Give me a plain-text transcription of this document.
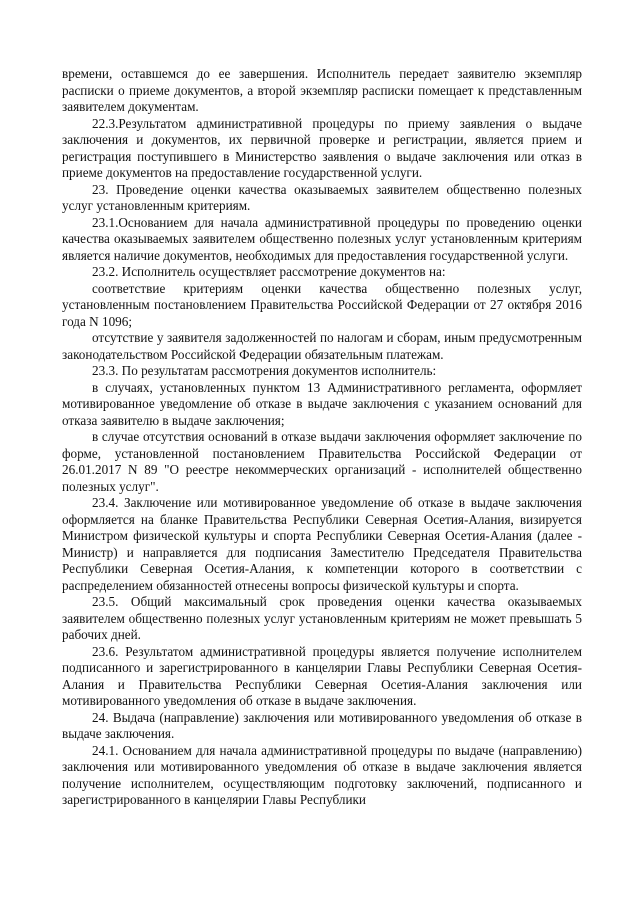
времени, оставшемся до ее завершения. Исполнитель передает заявителю экземпляр расписки о приеме документов, а второй экземпляр расписки помещает к представленным заявителем документам.

22.3.Результатом административной процедуры по приему заявления о выдаче заключения и документов, их первичной проверке и регистрации, является прием и регистрация поступившего в Министерство заявления о выдаче заключения или отказ в приеме документов на предоставление государственной услуги.

23. Проведение оценки качества оказываемых заявителем общественно полезных услуг установленным критериям.

23.1.Основанием для начала административной процедуры по проведению оценки качества оказываемых заявителем общественно полезных услуг установленным критериям является наличие документов, необходимых для предоставления государственной услуги.

23.2. Исполнитель осуществляет рассмотрение документов на:

соответствие критериям оценки качества общественно полезных услуг, установленным постановлением Правительства Российской Федерации от 27 октября 2016 года N 1096;

отсутствие у заявителя задолженностей по налогам и сборам, иным предусмотренным законодательством Российской Федерации обязательным платежам.

23.3. По результатам рассмотрения документов исполнитель:

в случаях, установленных пунктом 13 Административного регламента, оформляет мотивированное уведомление об отказе в выдаче заключения с указанием оснований для отказа заявителю в выдаче заключения;

в случае отсутствия оснований в отказе выдачи заключения оформляет заключение по форме, установленной постановлением Правительства Российской Федерации от 26.01.2017 N 89 "О реестре некоммерческих организаций - исполнителей общественно полезных услуг".

23.4. Заключение или мотивированное уведомление об отказе в выдаче заключения оформляется на бланке Правительства Республики Северная Осетия-Алания, визируется Министром физической культуры и спорта Республики Северная Осетия-Алания (далее - Министр) и направляется для подписания Заместителю Председателя Правительства Республики Северная Осетия-Алания, к компетенции которого в соответствии с распределением обязанностей отнесены вопросы физической культуры и спорта.

23.5. Общий максимальный срок проведения оценки качества оказываемых заявителем общественно полезных услуг установленным критериям не может превышать 5 рабочих дней.

23.6. Результатом административной процедуры является получение исполнителем подписанного и зарегистрированного в канцелярии Главы Республики Северная Осетия-Алания и Правительства Республики Северная Осетия-Алания заключения или мотивированного уведомления об отказе в выдаче заключения.

24. Выдача (направление) заключения или мотивированного уведомления об отказе в выдаче заключения.

24.1. Основанием для начала административной процедуры по выдаче (направлению) заключения или мотивированного уведомления об отказе в выдаче заключения является получение исполнителем, осуществляющим подготовку заключений, подписанного и зарегистрированного в канцелярии Главы Республики
